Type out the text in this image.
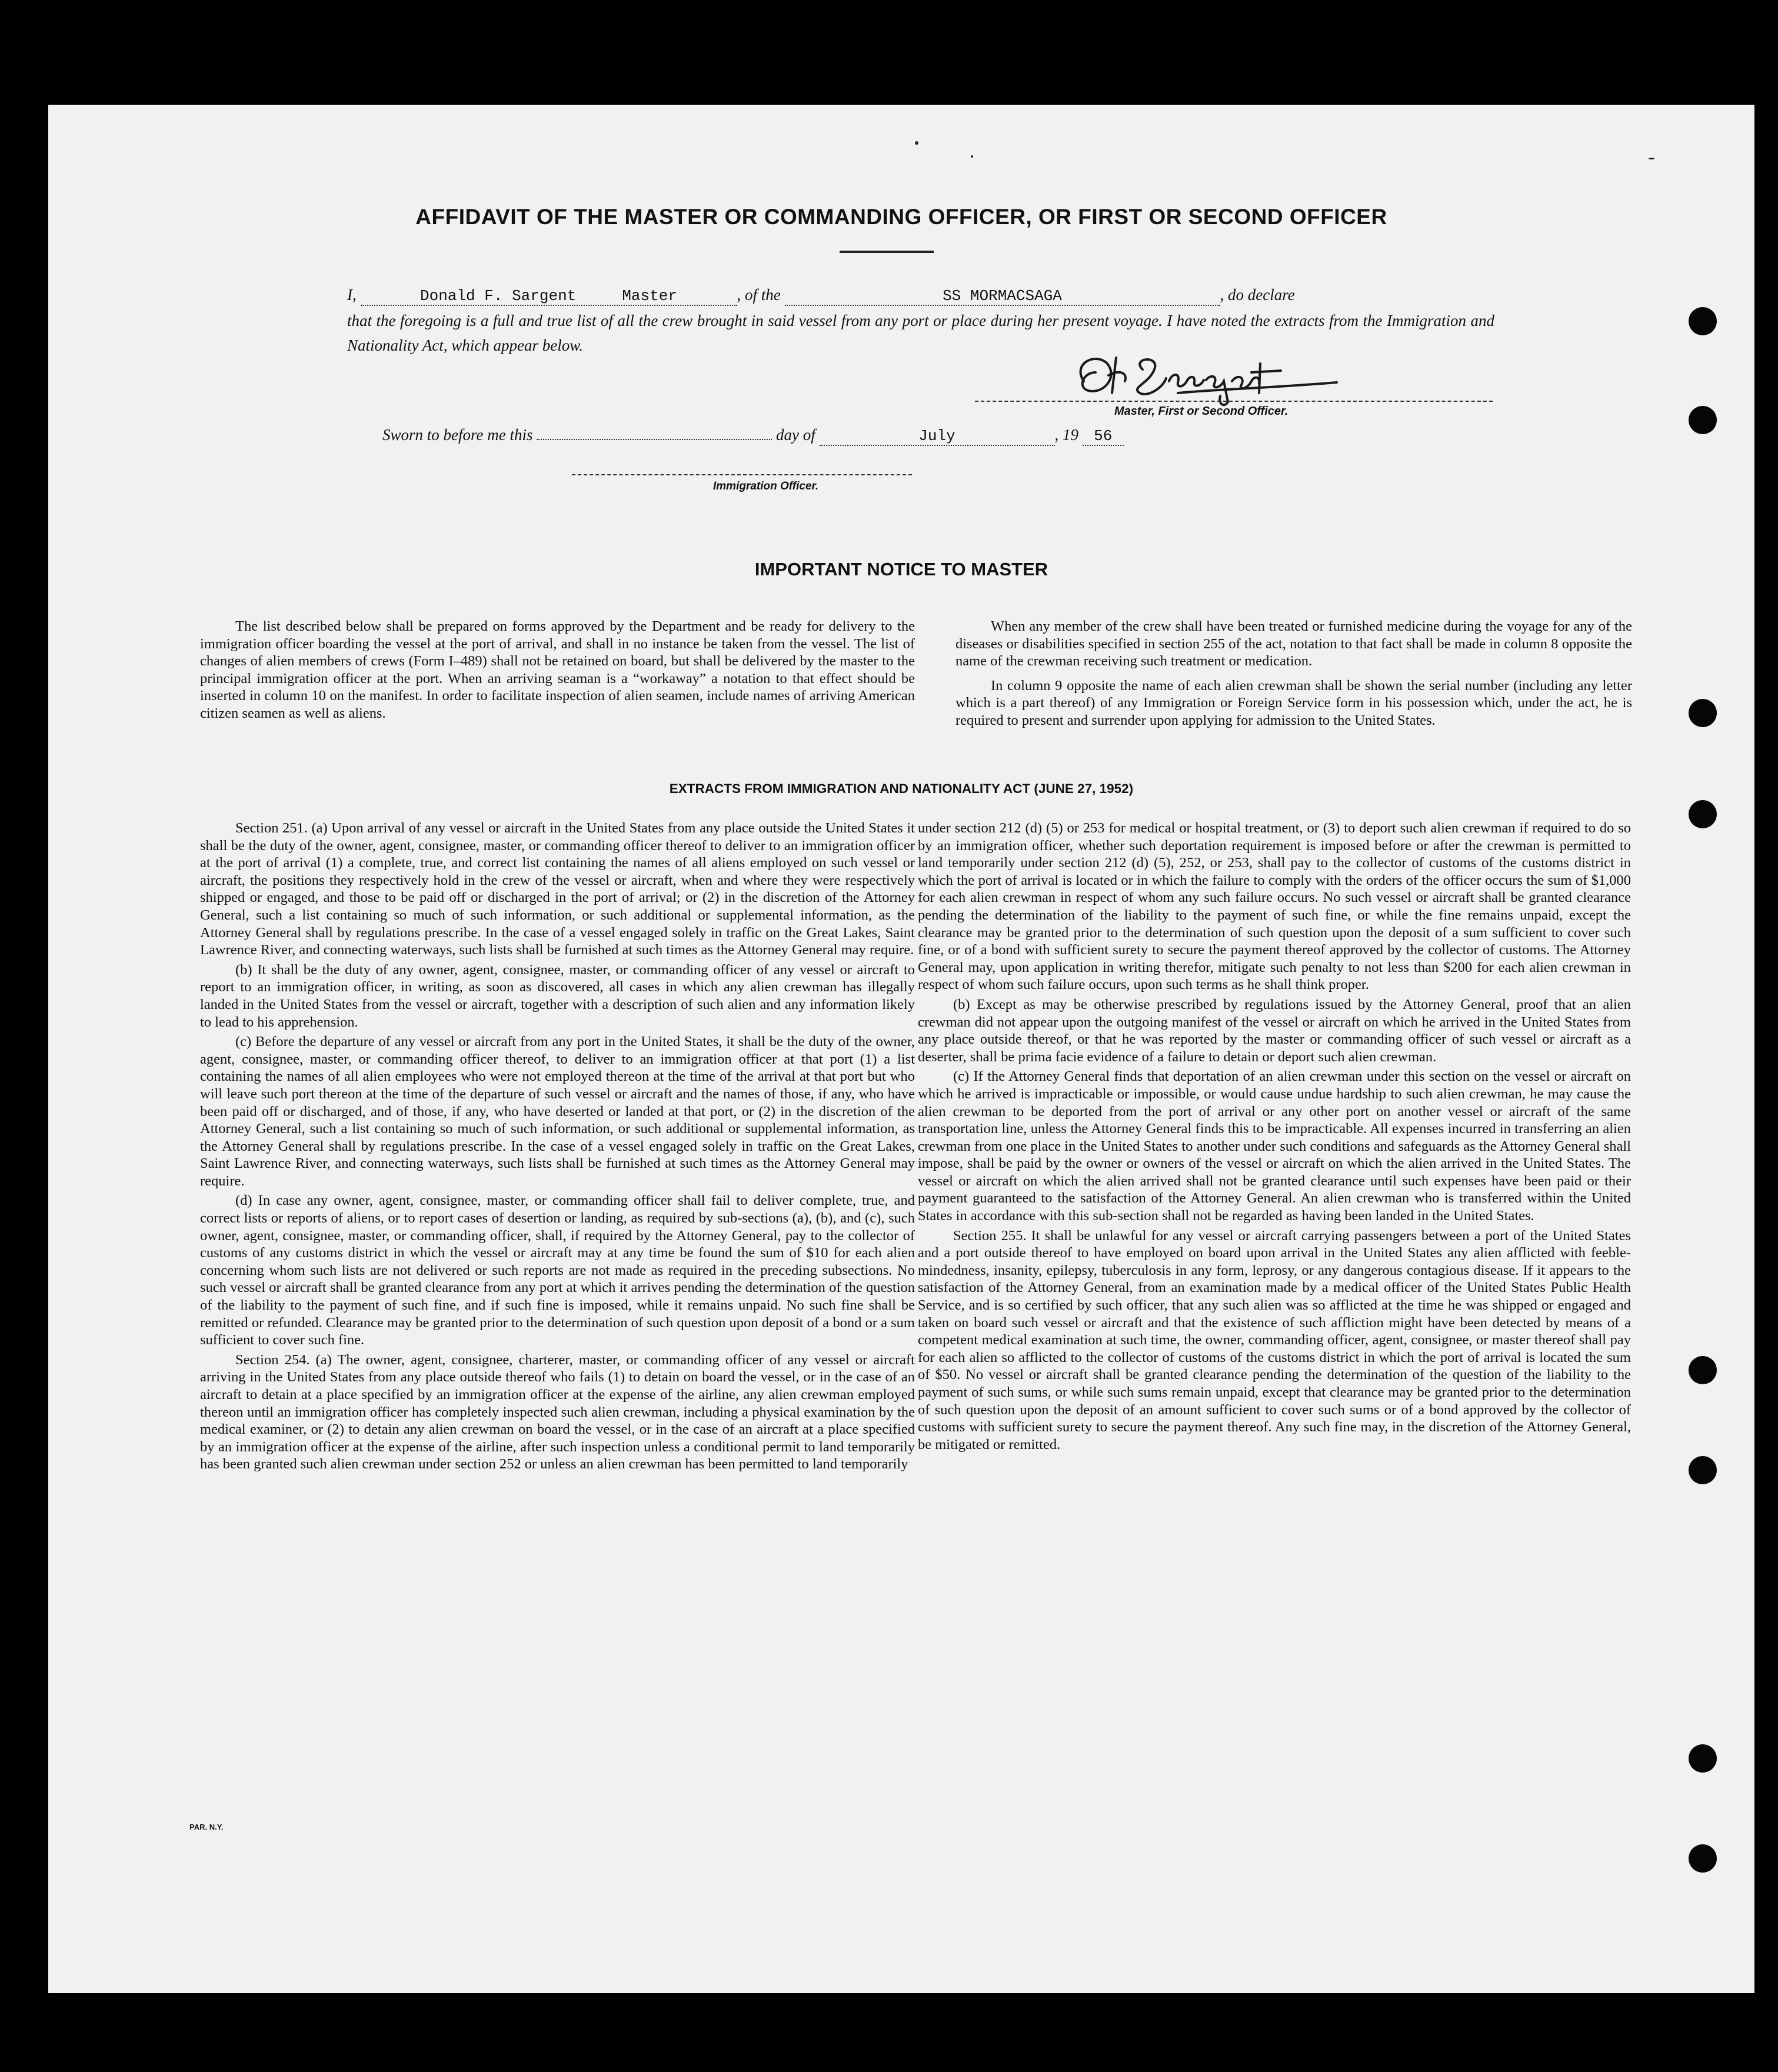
AFFIDAVIT OF THE MASTER OR COMMANDING OFFICER, OR FIRST OR SECOND OFFICER
I,	Donald F. Sargent	Master	, of the	SS MORMACSAGA	, do declare
that the foregoing is a full and true list of all the crew brought in said vessel from any port or place during her present voyage. I have noted the extracts from the Immigration and Nationality Act, which appear below.
Master, First or Second Officer.
Sworn to before me this	day of	July	, 19 56
Immigration Officer.
IMPORTANT NOTICE TO MASTER

The list described below shall be prepared on forms approved by the Department and be ready for delivery to the immigration officer boarding the vessel at the port of arrival, and shall in no instance be taken from the vessel. The list of changes of alien members of crews (Form I–489) shall not be retained on board, but shall be delivered by the master to the principal immigration officer at the port. When an arriving seaman is a “workaway” a notation to that effect should be inserted in column 10 on the manifest. In order to facilitate inspection of alien seamen, include names of arriving American citizen seamen as well as aliens.

When any member of the crew shall have been treated or furnished medicine during the voyage for any of the diseases or disabilities specified in section 255 of the act, notation to that fact shall be made in column 8 opposite the name of the crewman receiving such treatment or medication.

In column 9 opposite the name of each alien crewman shall be shown the serial number (including any letter which is a part thereof) of any Immigration or Foreign Service form in his possession which, under the act, he is required to present and surrender upon applying for admission to the United States.

EXTRACTS FROM IMMIGRATION AND NATIONALITY ACT (JUNE 27, 1952)

Section 251. (a) Upon arrival of any vessel or aircraft in the United States from any place outside the United States it shall be the duty of the owner, agent, consignee, master, or commanding officer thereof to deliver to an immigration officer at the port of arrival (1) a complete, true, and correct list containing the names of all aliens employed on such vessel or aircraft, the positions they respectively hold in the crew of the vessel or aircraft, when and where they were respectively shipped or engaged, and those to be paid off or discharged in the port of arrival; or (2) in the discretion of the Attorney General, such a list containing so much of such information, or such additional or supplemental information, as the Attorney General shall by regulations prescribe. In the case of a vessel engaged solely in traffic on the Great Lakes, Saint Lawrence River, and connecting waterways, such lists shall be furnished at such times as the Attorney General may require.

(b) It shall be the duty of any owner, agent, consignee, master, or commanding officer of any vessel or aircraft to report to an immigration officer, in writing, as soon as discovered, all cases in which any alien crewman has illegally landed in the United States from the vessel or aircraft, together with a description of such alien and any information likely to lead to his apprehension.

(c) Before the departure of any vessel or aircraft from any port in the United States, it shall be the duty of the owner, agent, consignee, master, or commanding officer thereof, to deliver to an immigration officer at that port (1) a list containing the names of all alien employees who were not employed thereon at the time of the arrival at that port but who will leave such port thereon at the time of the departure of such vessel or aircraft and the names of those, if any, who have been paid off or discharged, and of those, if any, who have deserted or landed at that port, or (2) in the discretion of the Attorney General, such a list containing so much of such information, or such additional or supplemental information, as the Attorney General shall by regulations prescribe. In the case of a vessel engaged solely in traffic on the Great Lakes, Saint Lawrence River, and connecting waterways, such lists shall be furnished at such times as the Attorney General may require.

(d) In case any owner, agent, consignee, master, or commanding officer shall fail to deliver complete, true, and correct lists or reports of aliens, or to report cases of desertion or landing, as required by sub-sections (a), (b), and (c), such owner, agent, consignee, master, or commanding officer, shall, if required by the Attorney General, pay to the collector of customs of any customs district in which the vessel or aircraft may at any time be found the sum of $10 for each alien concerning whom such lists are not delivered or such reports are not made as required in the preceding subsections. No such vessel or aircraft shall be granted clearance from any port at which it arrives pending the determination of the question of the liability to the payment of such fine, and if such fine is imposed, while it remains unpaid. No such fine shall be remitted or refunded. Clearance may be granted prior to the determination of such question upon deposit of a bond or a sum sufficient to cover such fine.

Section 254. (a) The owner, agent, consignee, charterer, master, or commanding officer of any vessel or aircraft arriving in the United States from any place outside thereof who fails (1) to detain on board the vessel, or in the case of an aircraft to detain at a place specified by an immigration officer at the expense of the airline, any alien crewman employed thereon until an immigration officer has completely inspected such alien crewman, including a physical examination by the medical examiner, or (2) to detain any alien crewman on board the vessel, or in the case of an aircraft at a place specified by an immigration officer at the expense of the airline, after such inspection unless a conditional permit to land temporarily has been granted such alien crewman under section 252 or unless an alien crewman has been permitted to land temporarily

under section 212 (d) (5) or 253 for medical or hospital treatment, or (3) to deport such alien crewman if required to do so by an immigration officer, whether such deportation requirement is imposed before or after the crewman is permitted to land temporarily under section 212 (d) (5), 252, or 253, shall pay to the collector of customs of the customs district in which the port of arrival is located or in which the failure to comply with the orders of the officer occurs the sum of $1,000 for each alien crewman in respect of whom any such failure occurs. No such vessel or aircraft shall be granted clearance pending the determination of the liability to the payment of such fine, or while the fine remains unpaid, except the clearance may be granted prior to the determination of such question upon the deposit of a sum sufficient to cover such fine, or of a bond with sufficient surety to secure the payment thereof approved by the collector of customs. The Attorney General may, upon application in writing therefor, mitigate such penalty to not less than $200 for each alien crewman in respect of whom such failure occurs, upon such terms as he shall think proper.

(b) Except as may be otherwise prescribed by regulations issued by the Attorney General, proof that an alien crewman did not appear upon the outgoing manifest of the vessel or aircraft on which he arrived in the United States from any place outside thereof, or that he was reported by the master or commanding officer of such vessel or aircraft as a deserter, shall be prima facie evidence of a failure to detain or deport such alien crewman.

(c) If the Attorney General finds that deportation of an alien crewman under this section on the vessel or aircraft on which he arrived is impracticable or impossible, or would cause undue hardship to such alien crewman, he may cause the alien crewman to be deported from the port of arrival or any other port on another vessel or aircraft of the same transportation line, unless the Attorney General finds this to be impracticable. All expenses incurred in transferring an alien crewman from one place in the United States to another under such conditions and safeguards as the Attorney General shall impose, shall be paid by the owner or owners of the vessel or aircraft on which the alien arrived in the United States. The vessel or aircraft on which the alien arrived shall not be granted clearance until such expenses have been paid or their payment guaranteed to the satisfaction of the Attorney General. An alien crewman who is transferred within the United States in accordance with this sub-section shall not be regarded as having been landed in the United States.

Section 255. It shall be unlawful for any vessel or aircraft carrying passengers between a port of the United States and a port outside thereof to have employed on board upon arrival in the United States any alien afflicted with feeble-mindedness, insanity, epilepsy, tuberculosis in any form, leprosy, or any dangerous contagious disease. If it appears to the satisfaction of the Attorney General, from an examination made by a medical officer of the United States Public Health Service, and is so certified by such officer, that any such alien was so afflicted at the time he was shipped or engaged and taken on board such vessel or aircraft and that the existence of such affliction might have been detected by means of a competent medical examination at such time, the owner, commanding officer, agent, consignee, or master thereof shall pay for each alien so afflicted to the collector of customs of the customs district in which the port of arrival is located the sum of $50. No vessel or aircraft shall be granted clearance pending the determination of the question of the liability to the payment of such sums, or while such sums remain unpaid, except that clearance may be granted prior to the determination of such question upon the deposit of an amount sufficient to cover such sums or of a bond approved by the collector of customs with sufficient surety to secure the payment thereof. Any such fine may, in the discretion of the Attorney General, be mitigated or remitted.

PAR. N.Y.
